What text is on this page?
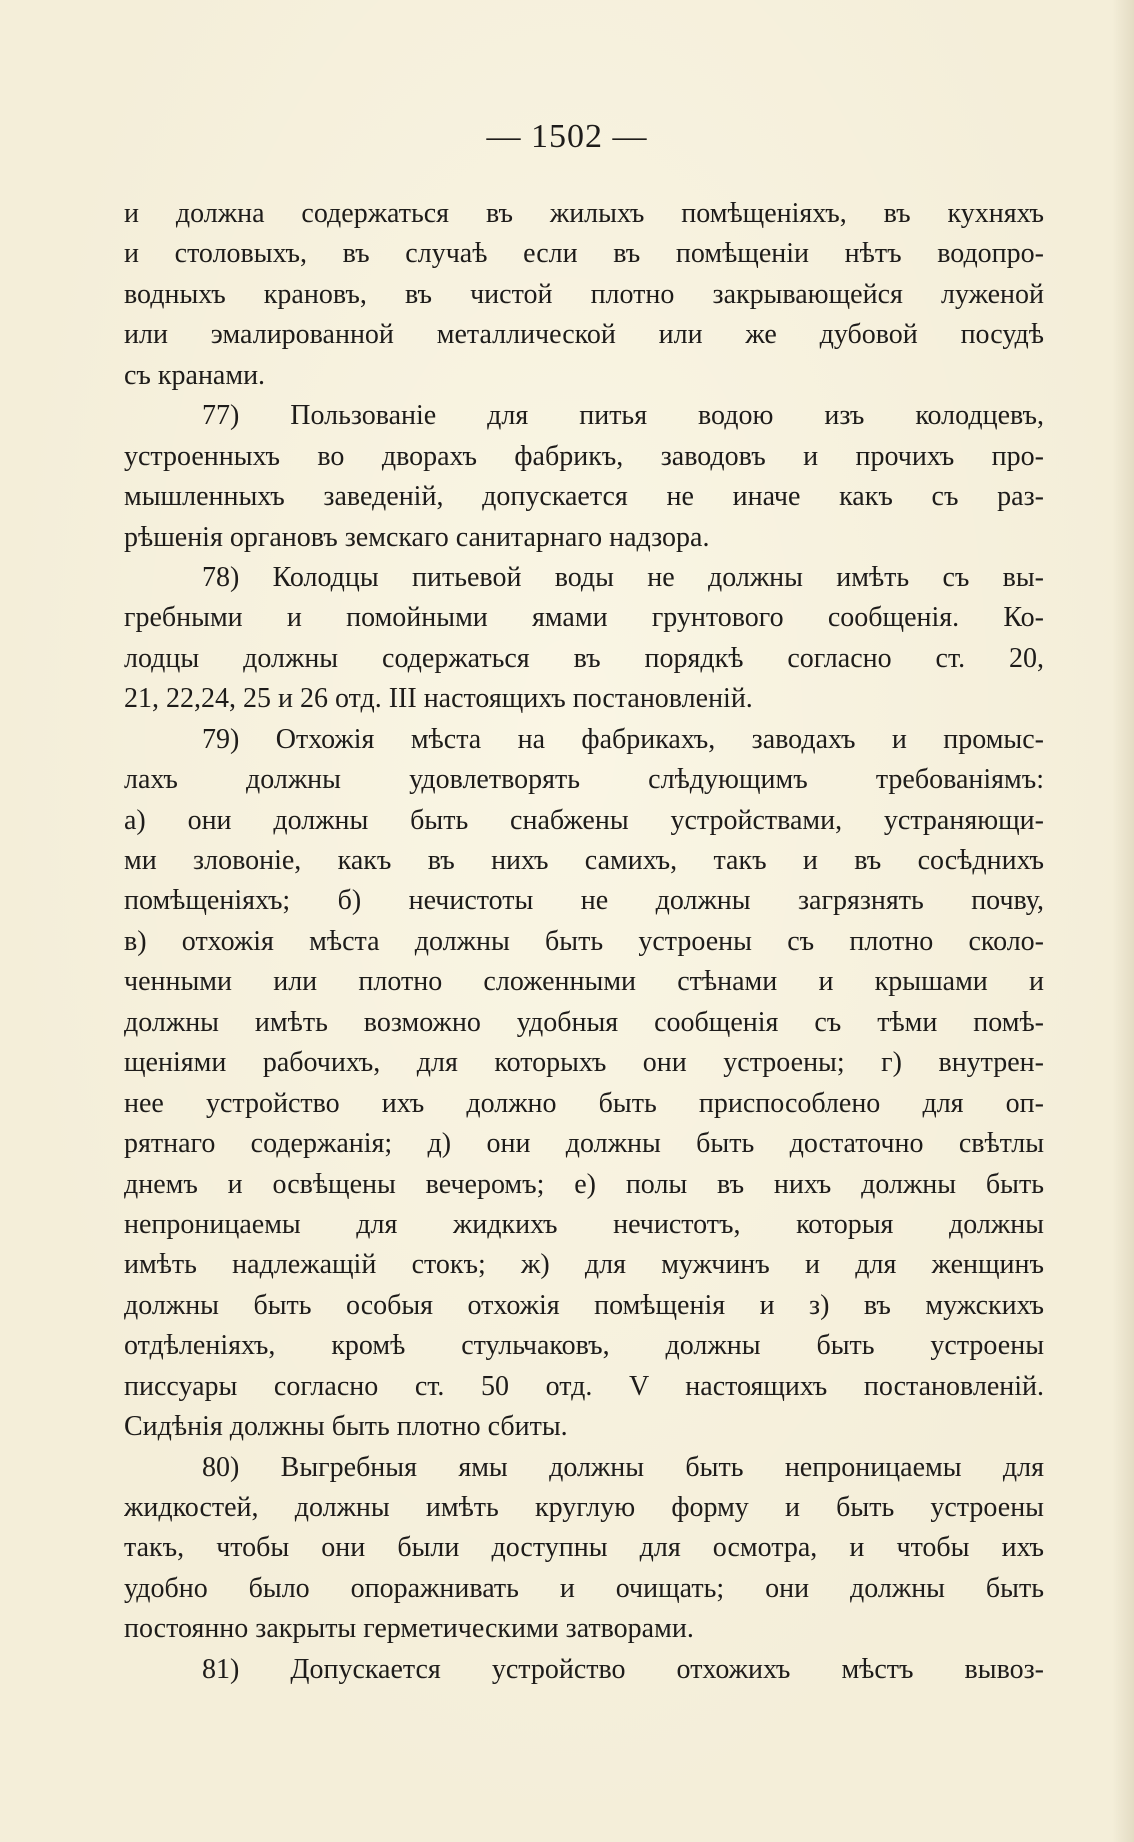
— 1502 —
и должна содержаться въ жилыхъ помѣщеніяхъ, въ кухняхъ
и столовыхъ, въ случаѣ если въ помѣщеніи нѣтъ водопро-
водныхъ крановъ, въ чистой плотно закрывающейся луженой
или эмалированной металлической или же дубовой посудѣ
съ кранами.
77) Пользованіе для питья водою изъ колодцевъ,
устроенныхъ во дворахъ фабрикъ, заводовъ и прочихъ про-
мышленныхъ заведеній, допускается не иначе какъ съ раз-
рѣшенія органовъ земскаго санитарнаго надзора.
78) Колодцы питьевой воды не должны имѣть съ вы-
гребными и помойными ямами грунтового сообщенія. Ко-
лодцы должны содержаться въ порядкѣ согласно ст. 20,
21, 22,24, 25 и 26 отд. III настоящихъ постановленій.
79) Отхожія мѣста на фабрикахъ, заводахъ и промыс-
лахъ должны удовлетворять слѣдующимъ требованіямъ:
а) они должны быть снабжены устройствами, устраняющи-
ми зловоніе, какъ въ нихъ самихъ, такъ и въ сосѣднихъ
помѣщеніяхъ; б) нечистоты не должны загрязнять почву,
в) отхожія мѣста должны быть устроены съ плотно сколо-
ченными или плотно сложенными стѣнами и крышами и
должны имѣть возможно удобныя сообщенія съ тѣми помѣ-
щеніями рабочихъ, для которыхъ они устроены; г) внутрен-
нее устройство ихъ должно быть приспособлено для оп-
рятнаго содержанія; д) они должны быть достаточно свѣтлы
днемъ и освѣщены вечеромъ; е) полы въ нихъ должны быть
непроницаемы для жидкихъ нечистотъ, которыя должны
имѣть надлежащій стокъ; ж) для мужчинъ и для женщинъ
должны быть особыя отхожія помѣщенія и з) въ мужскихъ
отдѣленіяхъ, кромѣ стульчаковъ, должны быть устроены
писсуары согласно ст. 50 отд. V настоящихъ постановленій.
Сидѣнія должны быть плотно сбиты.
80) Выгребныя ямы должны быть непроницаемы для
жидкостей, должны имѣть круглую форму и быть устроены
такъ, чтобы они были доступны для осмотра, и чтобы ихъ
удобно было опоражнивать и очищать; они должны быть
постоянно закрыты герметическими затворами.
81) Допускается устройство отхожихъ мѣстъ вывоз-
